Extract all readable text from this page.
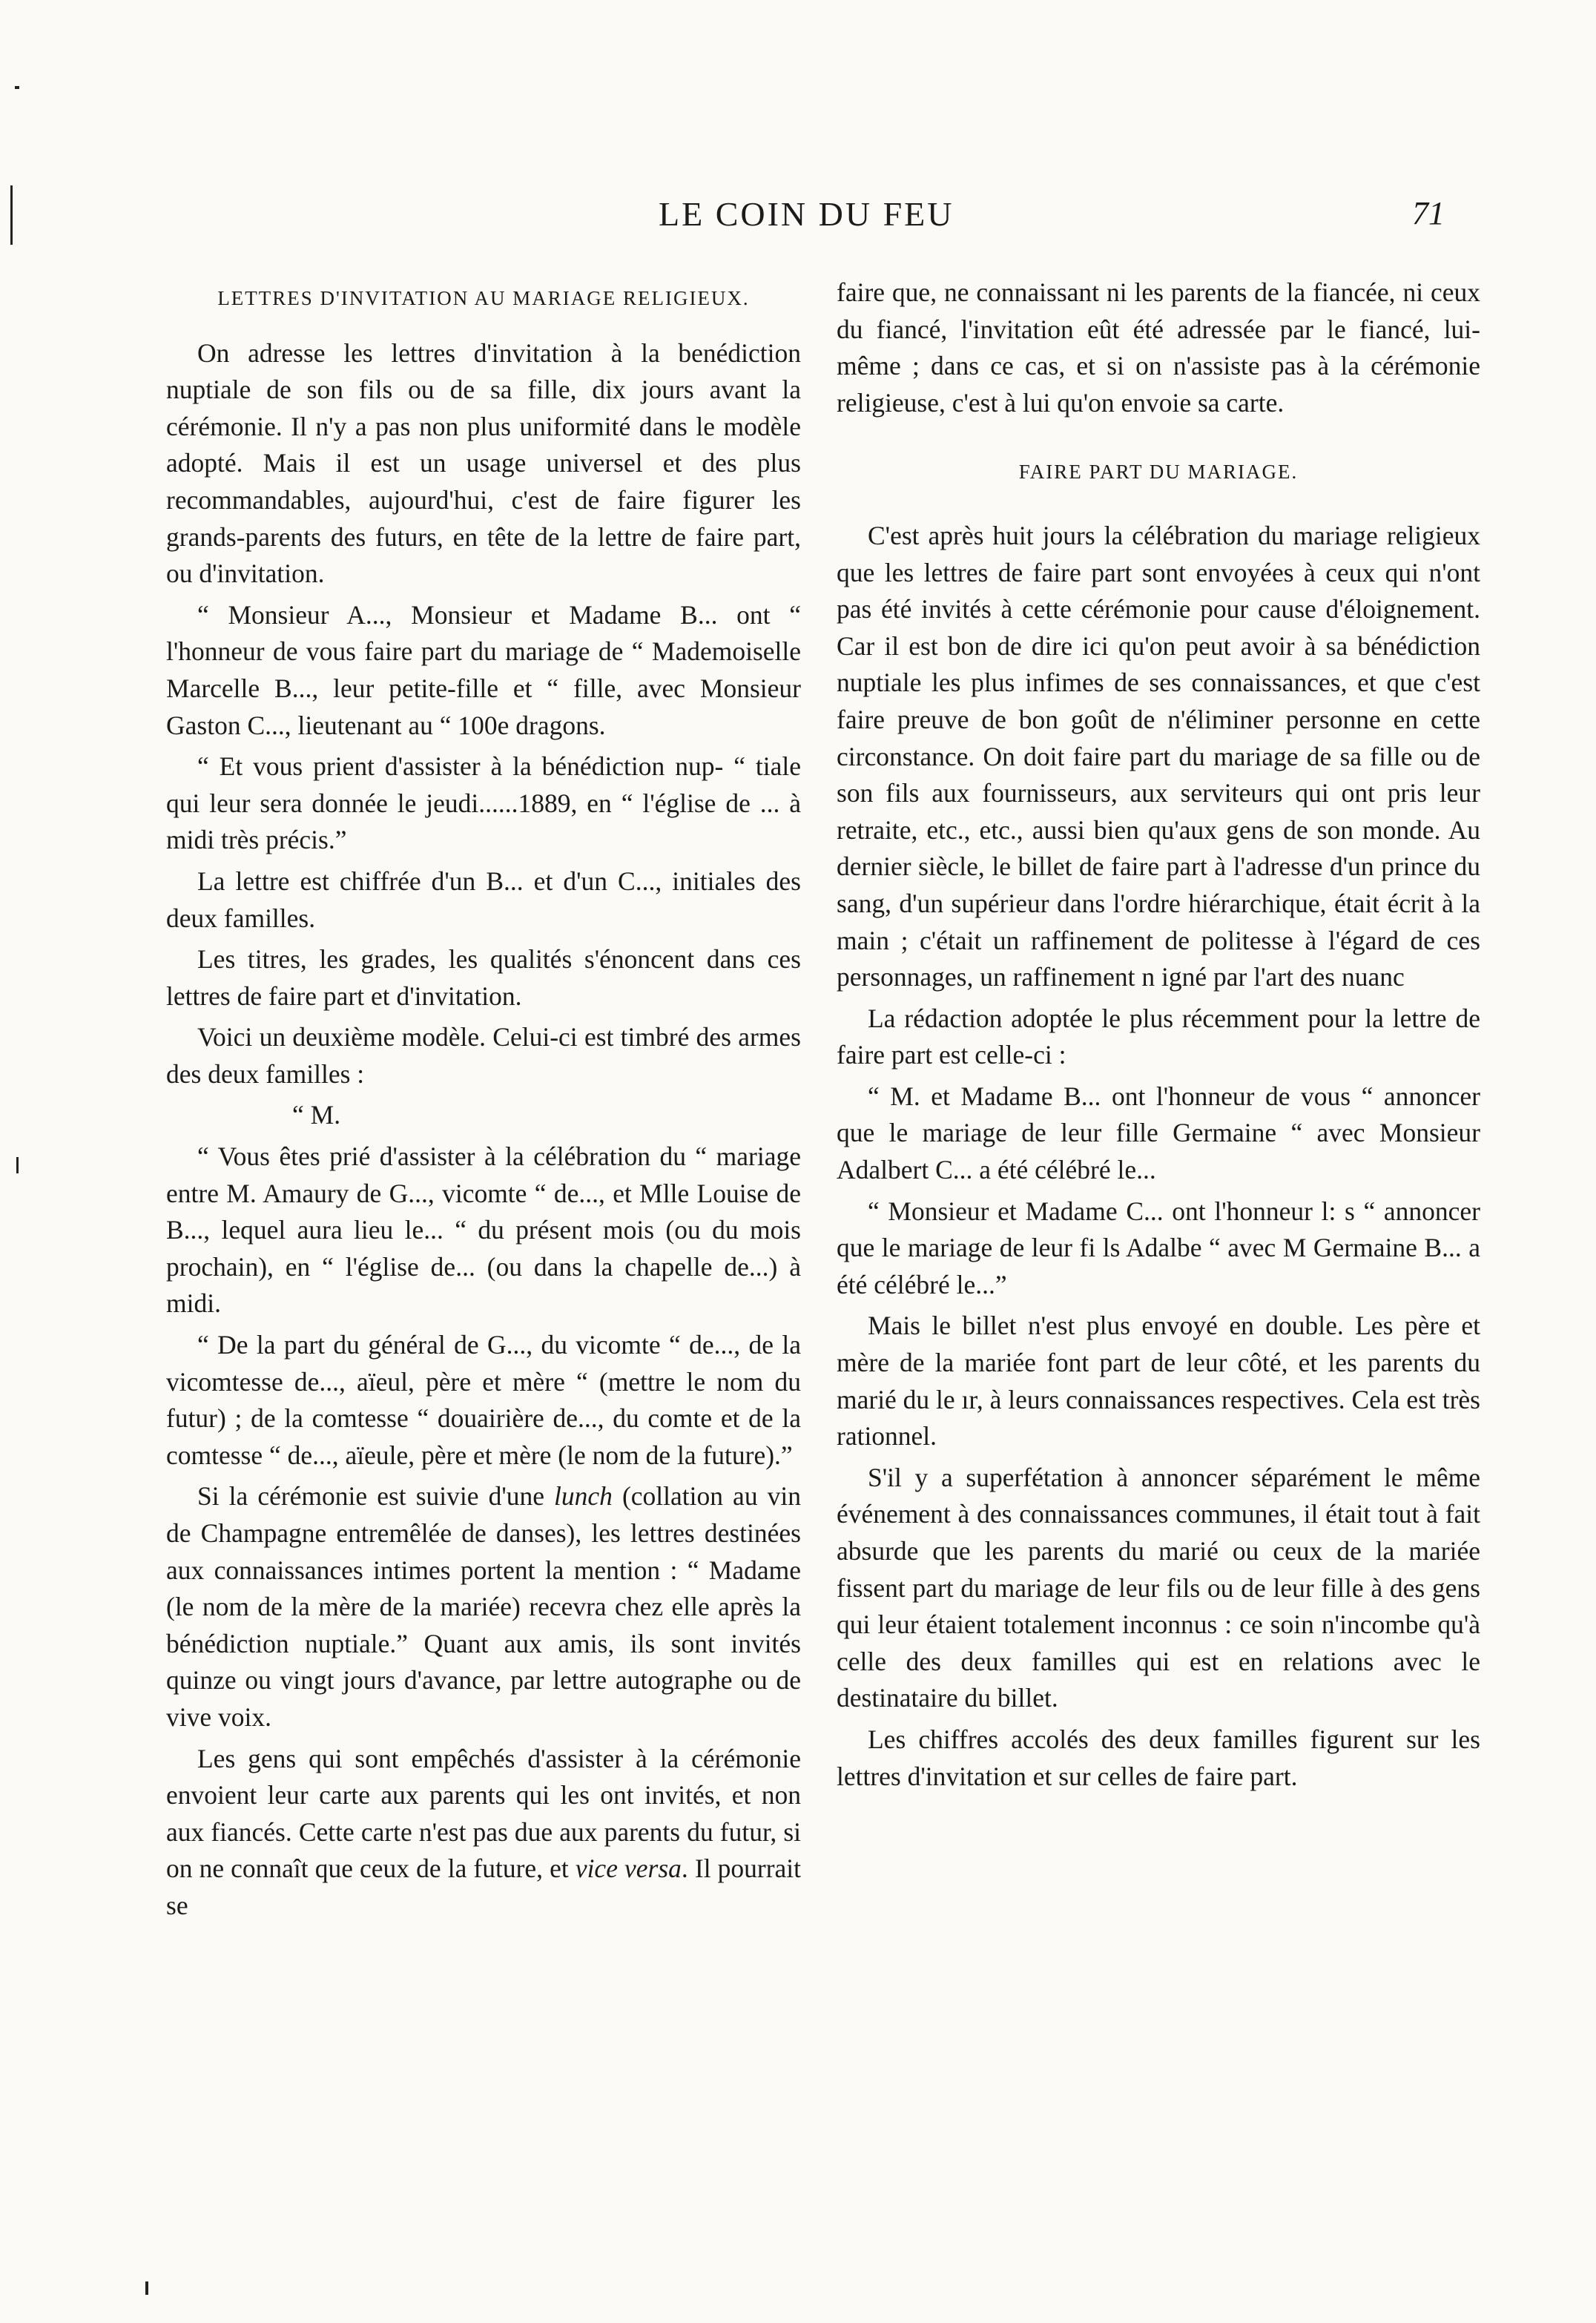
LE COIN DU FEU	71
LETTRES D'INVITATION AU MARIAGE RELIGIEUX.

On adresse les lettres d'invitation à la benédiction nuptiale de son fils ou de sa fille, dix jours avant la cérémonie. Il n'y a pas non plus uniformité dans le modèle adopté. Mais il est un usage universel et des plus recommandables, aujourd'hui, c'est de faire figurer les grands-parents des futurs, en tête de la lettre de faire part, ou d'invitation.

“ Monsieur A..., Monsieur et Madame B... ont “ l'honneur de vous faire part du mariage de “ Mademoiselle Marcelle B..., leur petite-fille et “ fille, avec Monsieur Gaston C..., lieutenant au “ 100e dragons.

“ Et vous prient d'assister à la bénédiction nup- “ tiale qui leur sera donnée le jeudi......1889, en “ l'église de ... à midi très précis.”

La lettre est chiffrée d'un B... et d'un C..., initiales des deux familles.

Les titres, les grades, les qualités s'énoncent dans ces lettres de faire part et d'invitation.

Voici un deuxième modèle. Celui-ci est timbré des armes des deux familles :

“ M.

“ Vous êtes prié d'assister à la célébration du “ mariage entre M. Amaury de G..., vicomte “ de..., et Mlle Louise de B..., lequel aura lieu le... “ du présent mois (ou du mois prochain), en “ l'église de... (ou dans la chapelle de...) à midi.

“ De la part du général de G..., du vicomte “ de..., de la vicomtesse de..., aïeul, père et mère “ (mettre le nom du futur) ; de la comtesse “ douairière de..., du comte et de la comtesse “ de..., aïeule, père et mère (le nom de la future).”

Si la cérémonie est suivie d'une lunch (collation au vin de Champagne entremêlée de danses), les lettres destinées aux connaissances intimes portent la mention : “ Madame (le nom de la mère de la mariée) recevra chez elle après la bénédiction nuptiale.” Quant aux amis, ils sont invités quinze ou vingt jours d'avance, par lettre autographe ou de vive voix.

Les gens qui sont empêchés d'assister à la cérémonie envoient leur carte aux parents qui les ont invités, et non aux fiancés. Cette carte n'est pas due aux parents du futur, si on ne connaît que ceux de la future, et vice versa. Il pourrait se

faire que, ne connaissant ni les parents de la fiancée, ni ceux du fiancé, l'invitation eût été adressée par le fiancé, lui-même ; dans ce cas, et si on n'assiste pas à la cérémonie religieuse, c'est à lui qu'on envoie sa carte.

FAIRE PART DU MARIAGE.

C'est après huit jours la célébration du mariage religieux que les lettres de faire part sont envoyées à ceux qui n'ont pas été invités à cette cérémonie pour cause d'éloignement. Car il est bon de dire ici qu'on peut avoir à sa bénédiction nuptiale les plus infimes de ses connaissances, et que c'est faire preuve de bon goût de n'éliminer personne en cette circonstance. On doit faire part du mariage de sa fille ou de son fils aux fournisseurs, aux serviteurs qui ont pris leur retraite, etc., etc., aussi bien qu'aux gens de son monde. Au dernier siècle, le billet de faire part à l'adresse d'un prince du sang, d'un supérieur dans l'ordre hiérarchique, était écrit à la main ; c'était un raffinement de politesse à l'égard de ces personnages, un raffinement n igné par l'art des nuanc

La rédaction adoptée le plus récemment pour la lettre de faire part est celle-ci :

“ M. et Madame B... ont l'honneur de vous “ annoncer que le mariage de leur fille Germaine “ avec Monsieur Adalbert C... a été célébré le...

“ Monsieur et Madame C... ont l'honneur l: s “ annoncer que le mariage de leur fi ls Adalbe “ avec M Germaine B... a été célébré le...”

Mais le billet n'est plus envoyé en double. Les père et mère de la mariée font part de leur côté, et les parents du marié du le ır, à leurs connaissances respectives. Cela est très rationnel.

S'il y a superfétation à annoncer séparément le même événement à des connaissances communes, il était tout à fait absurde que les parents du marié ou ceux de la mariée fissent part du mariage de leur fils ou de leur fille à des gens qui leur étaient totalement inconnus : ce soin n'incombe qu'à celle des deux familles qui est en relations avec le destinataire du billet.

Les chiffres accolés des deux familles figurent sur les lettres d'invitation et sur celles de faire part.
